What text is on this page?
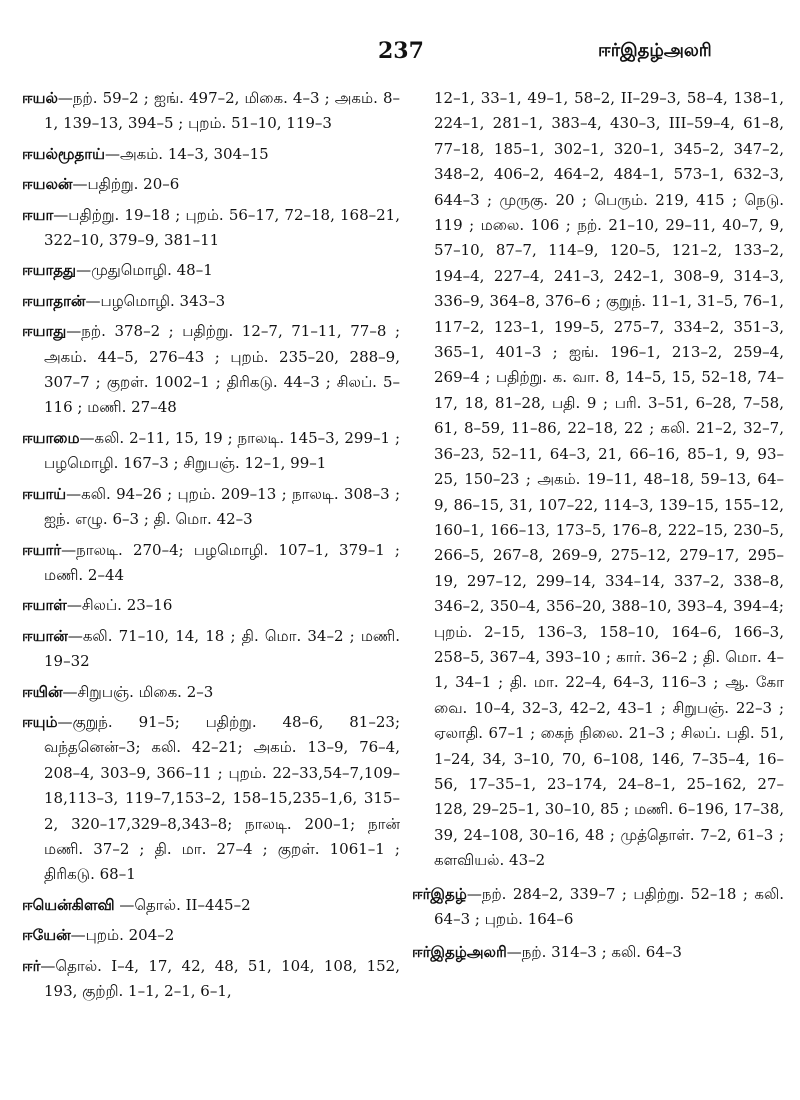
237	ஈர்இதழ்அலரி

ஈயல்—நற். 59–2 ; ஐங். 497–2, மிகை. 4–3 ; அகம். 8–1, 139–13, 394–5 ; புறம். 51–10, 119–3

ஈயல்மூதாய்—அகம். 14–3, 304–15

ஈயலன்—பதிற்று. 20–6

ஈயா—பதிற்று. 19–18 ; புறம். 56–17, 72–18, 168–21, 322–10, 379–9, 381–11

ஈயாதது—முதுமொழி. 48–1

ஈயாதான்—பழமொழி. 343–3

ஈயாது—நற். 378–2 ; பதிற்று. 12–7, 71–11, 77–8 ; அகம். 44–5, 276–43 ; புறம். 235–20, 288–9, 307–7 ; குறள். 1002–1 ; திரிகடு. 44–3 ; சிலப். 5–116 ; மணி. 27–48

ஈயாமை—கலி. 2–11, 15, 19 ; நாலடி. 145–3, 299–1 ; பழமொழி. 167–3 ; சிறுபஞ். 12–1, 99–1

ஈயாய்—கலி. 94–26 ; புறம். 209–13 ; நாலடி. 308–3 ; ஐந். எழு. 6–3 ; தி. மொ. 42–3

ஈயார்—நாலடி. 270–4; பழமொழி. 107–1, 379–1 ; மணி. 2–44

ஈயாள்—சிலப். 23–16

ஈயான்—கலி. 71–10, 14, 18 ; தி. மொ. 34–2 ; மணி. 19–32

ஈயின்—சிறுபஞ். மிகை. 2–3

ஈயும்—குறுந். 91–5; பதிற்று. 48–6, 81–23; வந்தனென்–3; கலி. 42–21; அகம். 13–9, 76–4, 208–4, 303–9, 366–11 ; புறம். 22–33,54–7,109–18,113–3, 119–7,153–2, 158–15,235–1,6, 315–2, 320–17,329–8,343–8; நாலடி. 200–1; நான் மணி. 37–2 ; தி. மா. 27–4 ; குறள். 1061–1 ; திரிகடு. 68–1

ஈயென்கிளவி —தொல். II–445–2

ஈயேன்—புறம். 204–2

ஈர்—தொல். I–4, 17, 42, 48, 51, 104, 108, 152, 193, குற்றி. 1–1, 2–1, 6–1,

12–1, 33–1, 49–1, 58–2, II–29–3, 58–4, 138–1, 224–1, 281–1, 383–4, 430–3, III–59–4, 61–8, 77–18, 185–1, 302–1, 320–1, 345–2, 347–2, 348–2, 406–2, 464–2, 484–1, 573–1, 632–3, 644–3 ; முருகு. 20 ; பெரும். 219, 415 ; நெடு. 119 ; மலை. 106 ; நற். 21–10, 29–11, 40–7, 9, 57–10, 87–7, 114–9, 120–5, 121–2, 133–2, 194–4, 227–4, 241–3, 242–1, 308–9, 314–3, 336–9, 364–8, 376–6 ; குறுந். 11–1, 31–5, 76–1, 117–2, 123–1, 199–5, 275–7, 334–2, 351–3, 365–1, 401–3 ; ஐங். 196–1, 213–2, 259–4, 269–4 ; பதிற்று. க. வா. 8, 14–5, 15, 52–18, 74–17, 18, 81–28, பதி. 9 ; பரி. 3–51, 6–28, 7–58, 61, 8–59, 11–86, 22–18, 22 ; கலி. 21–2, 32–7, 36–23, 52–11, 64–3, 21, 66–16, 85–1, 9, 93–25, 150–23 ; அகம். 19–11, 48–18, 59–13, 64–9, 86–15, 31, 107–22, 114–3, 139–15, 155–12, 160–1, 166–13, 173–5, 176–8, 222–15, 230–5, 266–5, 267–8, 269–9, 275–12, 279–17, 295–19, 297–12, 299–14, 334–14, 337–2, 338–8, 346–2, 350–4, 356–20, 388–10, 393–4, 394–4; புறம். 2–15, 136–3, 158–10, 164–6, 166–3, 258–5, 367–4, 393–10 ; கார். 36–2 ; தி. மொ. 4–1, 34–1 ; தி. மா. 22–4, 64–3, 116–3 ; ஆ. கோ வை. 10–4, 32–3, 42–2, 43–1 ; சிறுபஞ். 22–3 ; ஏலாதி. 67–1 ; கைந் நிலை. 21–3 ; சிலப். பதி. 51, 1–24, 34, 3–10, 70, 6–108, 146, 7–35–4, 16–56, 17–35–1, 23–174, 24–8–1, 25–162, 27–128, 29–25–1, 30–10, 85 ; மணி. 6–196, 17–38, 39, 24–108, 30–16, 48 ; முத்தொள். 7–2, 61–3 ; களவியல். 43–2

ஈர்இதழ்—நற். 284–2, 339–7 ; பதிற்று. 52–18 ; கலி. 64–3 ; புறம். 164–6

ஈர்இதழ்அலரி—நற். 314–3 ; கலி. 64–3
